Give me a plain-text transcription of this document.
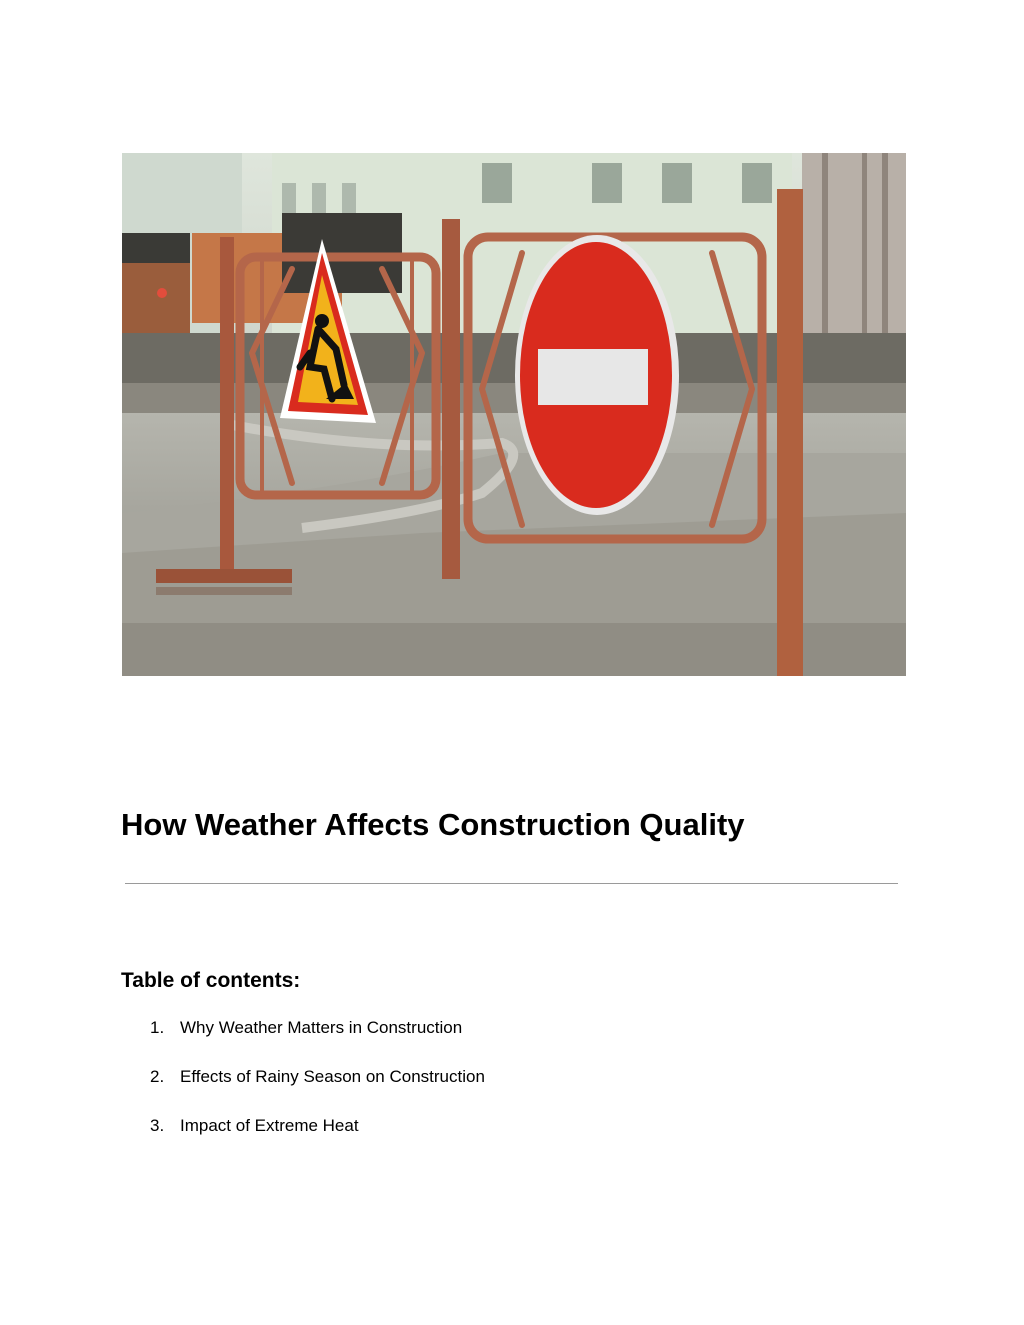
How Weather Affects Construction Quality
Table of contents:
1. Why Weather Matters in Construction
2. Effects of Rainy Season on Construction
3. Impact of Extreme Heat
